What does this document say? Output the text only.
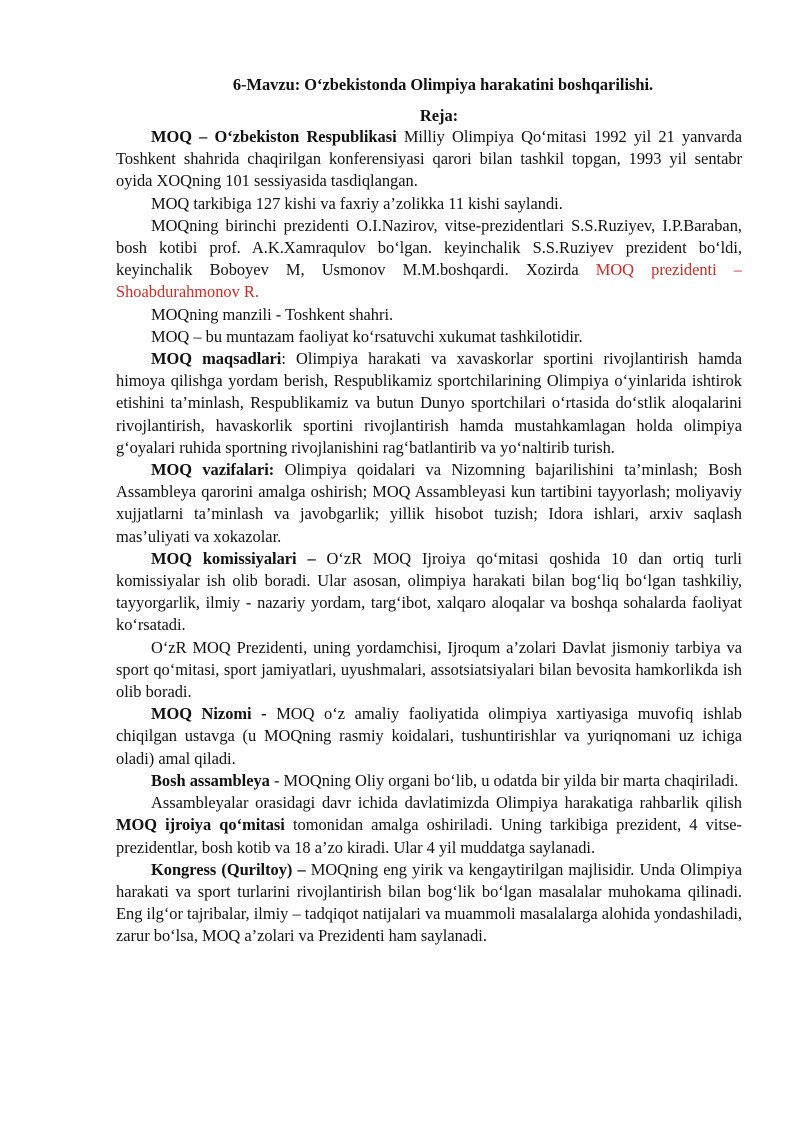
6-Mavzu: O‘zbekistonda Olimpiya harakatini boshqarilishi.
Reja:

MOQ – O‘zbekiston Respublikasi Milliy Olimpiya Qo‘mitasi 1992 yil 21 yanvarda Toshkent shahrida chaqirilgan konferensiyasi qarori bilan tashkil topgan, 1993 yil sentabr oyida XOQning 101 sessiyasida tasdiqlangan.

MOQ tarkibiga 127 kishi va faxriy a’zolikka 11 kishi saylandi.

MOQning birinchi prezidenti O.I.Nazirov, vitse-prezidentlari S.S.Ruziyev, I.P.Baraban, bosh kotibi prof. A.K.Xamraqulov bo‘lgan. keyinchalik S.S.Ruziyev prezident bo‘ldi, keyinchalik Boboyev M, Usmonov M.M.boshqardi. Xozirda MOQ prezidenti – Shoabdurahmonov R.

MOQning manzili - Toshkent shahri.

MOQ – bu muntazam faoliyat ko‘rsatuvchi xukumat tashkilotidir.

MOQ maqsadlari: Olimpiya harakati va xavaskorlar sportini rivojlantirish hamda himoya qilishga yordam berish, Respublikamiz sportchilarining Olimpiya o‘yinlarida ishtirok etishini ta’minlash, Respublikamiz va butun Dunyo sportchilari o‘rtasida do‘stlik aloqalarini rivojlantirish, havaskorlik sportini rivojlantirish hamda mustahkamlagan holda olimpiya g‘oyalari ruhida sportning rivojlanishini rag‘batlantirib va yo‘naltirib turish.

MOQ vazifalari: Olimpiya qoidalari va Nizomning bajarilishini ta’minlash; Bosh Assambleya qarorini amalga oshirish; MOQ Assambleyasi kun tartibini tayyorlash; moliyaviy xujjatlarni ta’minlash va javobgarlik; yillik hisobot tuzish; Idora ishlari, arxiv saqlash mas’uliyati va xokazolar.

MOQ komissiyalari – O‘zR MOQ Ijroiya qo‘mitasi qoshida 10 dan ortiq turli komissiyalar ish olib boradi. Ular asosan, olimpiya harakati bilan bog‘liq bo‘lgan tashkiliy, tayyorgarlik, ilmiy - nazariy yordam, targ‘ibot, xalqaro aloqalar va boshqa sohalarda faoliyat ko‘rsatadi.

O‘zR MOQ Prezidenti, uning yordamchisi, Ijroqum a’zolari Davlat jismoniy tarbiya va sport qo‘mitasi, sport jamiyatlari, uyushmalari, assotsiatsiyalari bilan bevosita hamkorlikda ish olib boradi.

MOQ Nizomi - MOQ o‘z amaliy faoliyatida olimpiya xartiyasiga muvofiq ishlab chiqilgan ustavga (u MOQning rasmiy koidalari, tushuntirishlar va yuriqnomani uz ichiga oladi) amal qiladi.

Bosh assambleya - MOQning Oliy organi bo‘lib, u odatda bir yilda bir marta chaqiriladi.

Assambleyalar orasidagi davr ichida davlatimizda Olimpiya harakatiga rahbarlik qilish MOQ ijroiya qo‘mitasi tomonidan amalga oshiriladi. Uning tarkibiga prezident, 4 vitse-prezidentlar, bosh kotib va 18 a’zo kiradi. Ular 4 yil muddatga saylanadi.

Kongress (Quriltoy) – MOQning eng yirik va kengaytirilgan majlisidir. Unda Olimpiya harakati va sport turlarini rivojlantirish bilan bog‘lik bo‘lgan masalalar muhokama qilinadi. Eng ilg‘or tajribalar, ilmiy – tadqiqot natijalari va muammoli masalalarga alohida yondashiladi, zarur bo‘lsa, MOQ a’zolari va Prezidenti ham saylanadi.
